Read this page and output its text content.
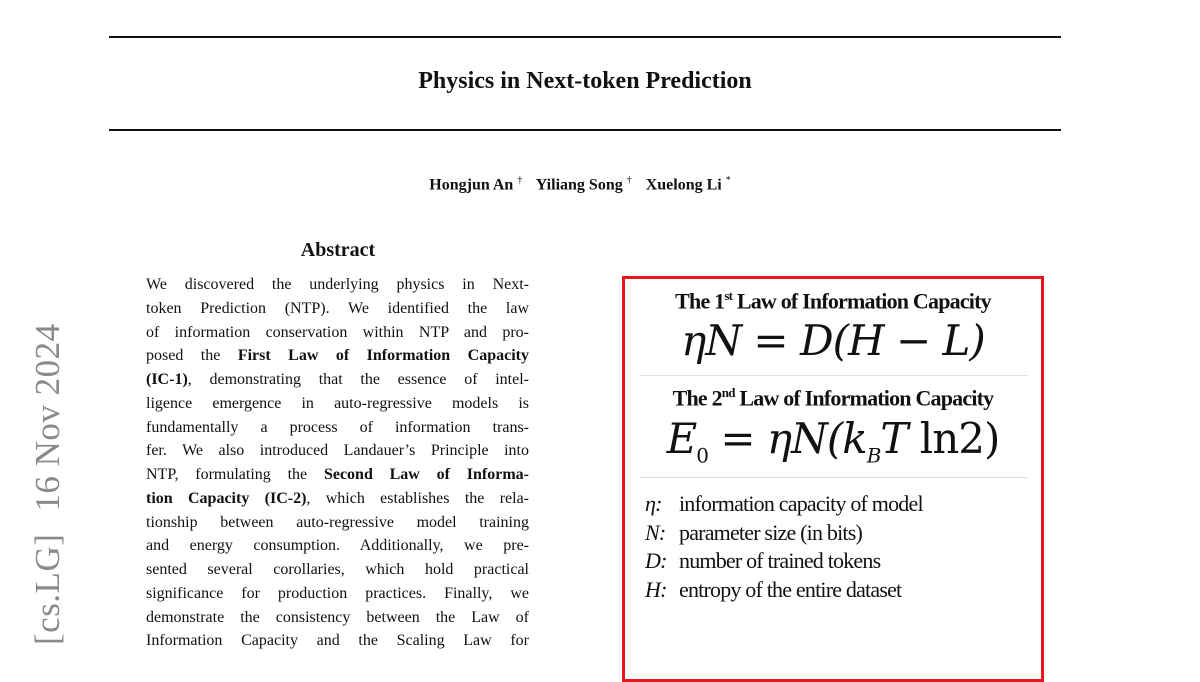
Physics in Next-token Prediction
Hongjun An † Yiliang Song † Xuelong Li *
[cs.LG]16 Nov 2024
Abstract
We discovered the underlying physics in Next-
token Prediction (NTP). We identified the law
of information conservation within NTP and pro-
posed the First Law of Information Capacity
(IC-1), demonstrating that the essence of intel-
ligence emergence in auto-regressive models is
fundamentally a process of information trans-
fer. We also introduced Landauer’s Principle into
NTP, formulating the Second Law of Informa-
tion Capacity (IC-2), which establishes the rela-
tionship between auto-regressive model training
and energy consumption. Additionally, we pre-
sented several corollaries, which hold practical
significance for production practices. Finally, we
demonstrate the consistency between the Law of
Information Capacity and the Scaling Law for
The 1st Law of Information Capacity
ηN = D(H − L)
The 2nd Law of Information Capacity
$E_0 = \eta N(k_BT$ ln2)
η: information capacity of model
N: parameter size (in bits)
D: number of trained tokens
H: entropy of the entire dataset
